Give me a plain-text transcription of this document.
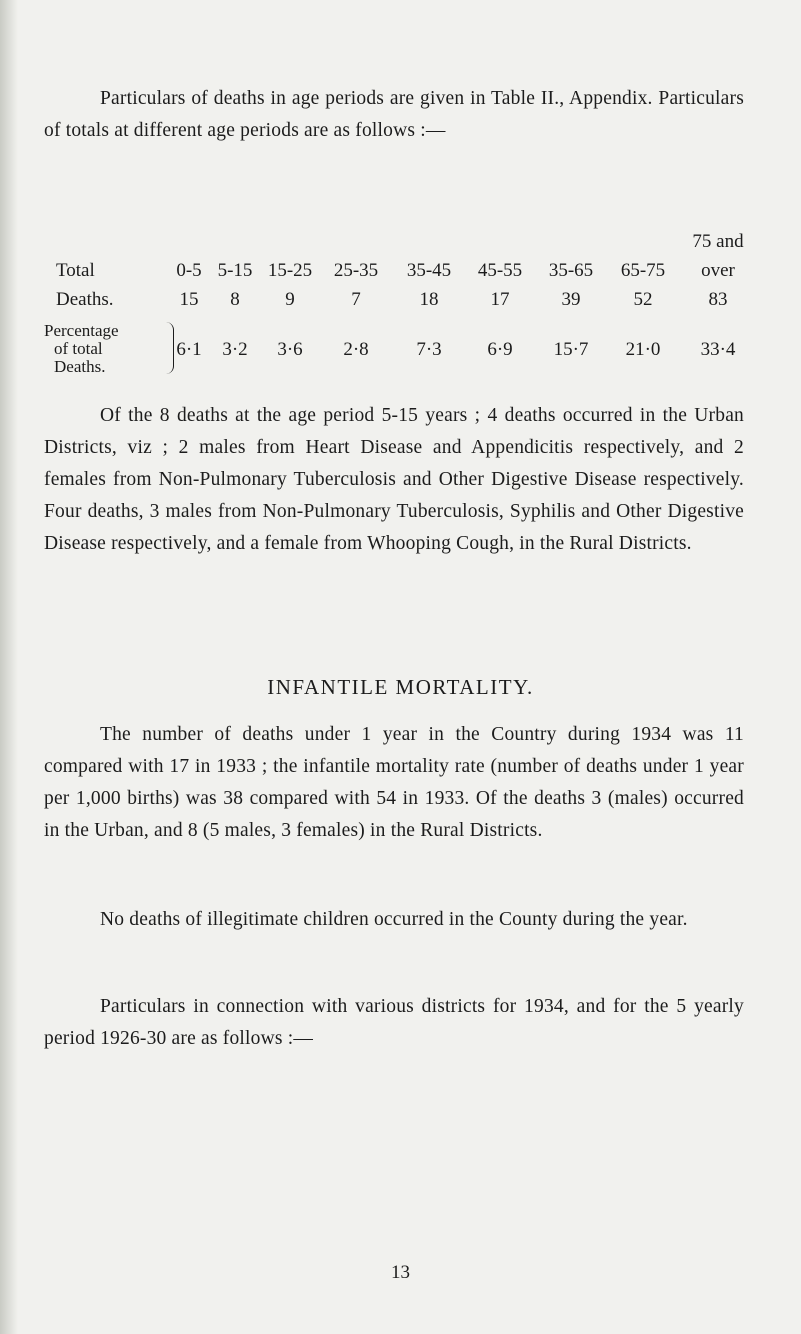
Particulars of deaths in age periods are given in Table II., Appendix. Particulars of totals at different age periods are as follows :—

75 and
Total	0-5 5-15 15-25 25-35 35-45 45-55 35-65 65-75 over
Deaths.	15 8 9	7	18	17	39	52	83
Percentage
of total
Deaths.
6·1 3·2 3·6 2·8	7·3 6·9 15·7 21·0 33·4

Of the 8 deaths at the age period 5-15 years ; 4 deaths occurred in the Urban Districts, viz ; 2 males from Heart Disease and Appendicitis respectively, and 2 females from Non-Pulmonary Tuberculosis and Other Digestive Disease respectively. Four deaths, 3 males from Non-Pulmonary Tuberculosis, Syphilis and Other Digestive Disease respectively, and a female from Whooping Cough, in the Rural Districts.

INFANTILE MORTALITY.

The number of deaths under 1 year in the Country during 1934 was 11 compared with 17 in 1933 ; the infantile mortality rate (number of deaths under 1 year per 1,000 births) was 38 compared with 54 in 1933. Of the deaths 3 (males) occurred in the Urban, and 8 (5 males, 3 females) in the Rural Districts.

No deaths of illegitimate children occurred in the County during the year.

Particulars in connection with various districts for 1934, and for the 5 yearly period 1926-30 are as follows :—

13
